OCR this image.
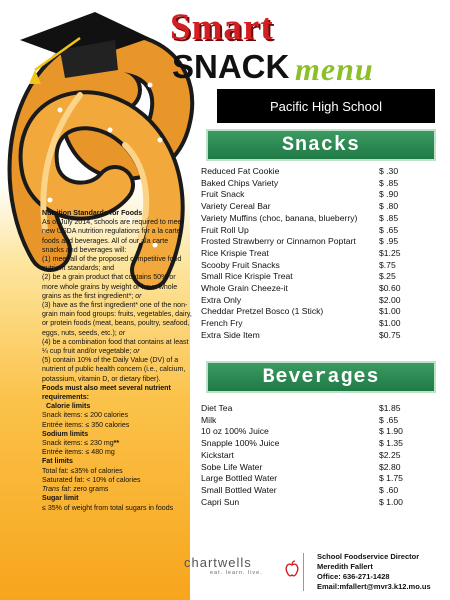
Smart
SNACK menu
Pacific High School
Snacks
Reduced Fat Cookie	$ .30
Baked Chips Variety	$ .85
Fruit Snack	$ .90
Variety Cereal Bar	$ .80
Variety Muffins (choc, banana, blueberry)	$ .85
Fruit Roll Up	$ .65
Frosted Strawberry or Cinnamon Poptart	$ .95
Rice Krispie Treat	$1.25
Scooby Fruit Snacks	$.75
Small Rice Krispie Treat	$.25
Whole Grain Cheeze-it	$0.60
Extra Only	$2.00
Cheddar Pretzel Bosco (1 Stick)	$1.00
French Fry	$1.00
Extra Side Item	$0.75
Beverages
Diet Tea	$1.85
Milk	$ .65
10 oz 100% Juice	$ 1.90
Snapple 100% Juice	$ 1.35
Kickstart	$2.25
Sobe Life Water	$2.80
Large Bottled Water	$ 1.75
Small Bottled Water	$ .60
Capri Sun	$ 1.00

Nutrition Standards for Foods

As of July 2014, schools are required to meet new USDA nutrition regulations for a la carte foods and beverages. All of our ala carte snacks and beverages will:

(1) meet all of the proposed competitive food nutrient standards; and

(2) be a grain product that contains 50% or more whole grains by weight or have whole grains as the first ingredient*; or

(3) have as the first ingredient* one of the non-grain main food groups: fruits, vegetables, dairy, or protein foods (meat, beans, poultry, seafood, eggs, nuts, seeds, etc.); or

(4) be a combination food that contains at least ¼ cup fruit and/or vegetable; or

(5) contain 10% of the Daily Value (DV) of a nutrient of public health concern (i.e., calcium, potassium, vitamin D, or dietary fiber).

Foods must also meet several nutrient requirements:

Calorie limits

Snack items: ≤ 200 calories

Entrée items: ≤ 350 calories

Sodium limits

Snack items: ≤ 230 mg**

Entrée items: ≤ 480 mg

Fat limits

Total fat: ≤35% of calories

Saturated fat: < 10% of calories

Trans fat: zero grams

Sugar limit

≤ 35% of weight from total sugars in foods

chartwells
eat. learn. live.
School Foodservice Director
Meredith Fallert
Office: 636-271-1428
Email:mfallert@mvr3.k12.mo.us
